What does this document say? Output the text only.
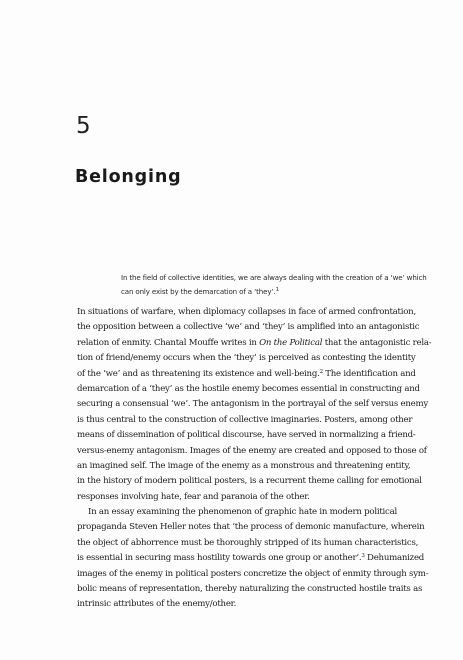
5
Belonging
In the field of collective identities, we are always dealing with the creation of a ‘we’ which
can only exist by the demarcation of a ‘they’.$^1$
In situations of warfare, when diplomacy collapses in face of armed confrontation,
the opposition between a collective ‘we’ and ‘they’ is amplified into an antagonistic
relation of enmity. Chantal Mouffe writes in On the Political that the antagonistic rela-
tion of friend/enemy occurs when the ‘they’ is perceived as contesting the identity
of the ‘we’ and as threatening its existence and well-being.$^2$ The identification and
demarcation of a ‘they’ as the hostile enemy becomes essential in constructing and
securing a consensual ‘we’. The antagonism in the portrayal of the self versus enemy
is thus central to the construction of collective imaginaries. Posters, among other
means of dissemination of political discourse, have served in normalizing a friend-
versus-enemy antagonism. Images of the enemy are created and opposed to those of
an imagined self. The image of the enemy as a monstrous and threatening entity,
in the history of modern political posters, is a recurrent theme calling for emotional
responses involving hate, fear and paranoia of the other.
In an essay examining the phenomenon of graphic hate in modern political
propaganda Steven Heller notes that ‘the process of demonic manufacture, wherein
the object of abhorrence must be thoroughly stripped of its human characteristics,
is essential in securing mass hostility towards one group or another’.$^3$ Dehumanized
images of the enemy in political posters concretize the object of enmity through sym-
bolic means of representation, thereby naturalizing the constructed hostile traits as
intrinsic attributes of the enemy/other.
